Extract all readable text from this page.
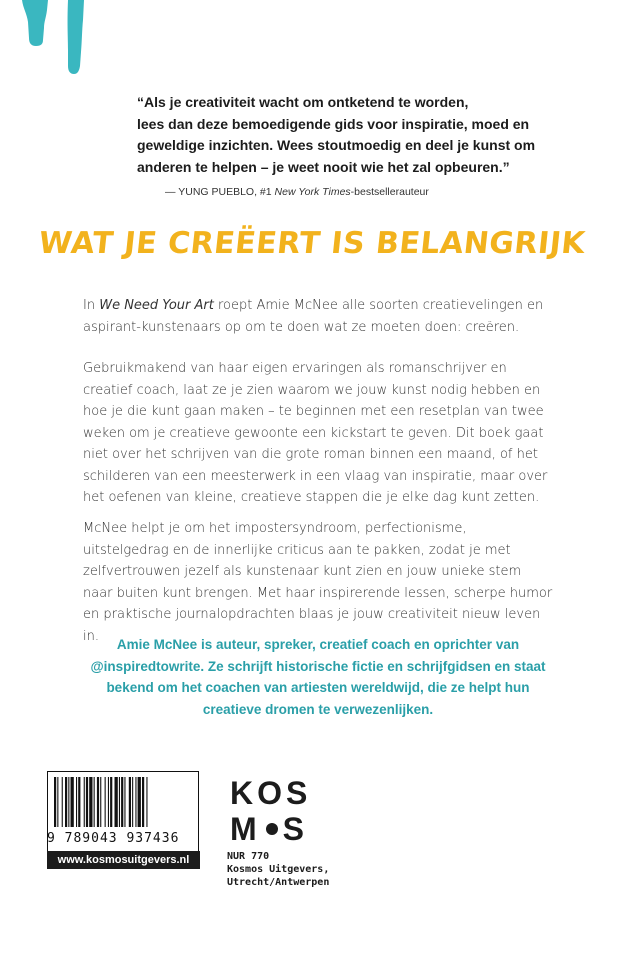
“Als je creativiteit wacht om ontketend te worden,
lees dan deze bemoedigende gids voor inspiratie, moed en
geweldige inzichten. Wees stoutmoedig en deel je kunst om
anderen te helpen – je weet nooit wie het zal opbeuren.”
— YUNG PUEBLO, #1 New York Times-bestsellerauteur
WAT JE CREËERT IS BELANGRIJK
In We Need Your Art roept Amie McNee alle soorten creatievelingen en aspirant-kunstenaars op om te doen wat ze moeten doen: creëren.
Gebruikmakend van haar eigen ervaringen als romanschrijver en creatief coach, laat ze je zien waarom we jouw kunst nodig hebben en hoe je die kunt gaan maken – te beginnen met een resetplan van twee weken om je creatieve gewoonte een kickstart te geven. Dit boek gaat niet over het schrijven van die grote roman binnen een maand, of het schilderen van een meesterwerk in een vlaag van inspiratie, maar over het oefenen van kleine, creatieve stappen die je elke dag kunt zetten.
McNee helpt je om het impostersyndroom, perfectionisme, uitstelgedrag en de innerlijke criticus aan te pakken, zodat je met zelfvertrouwen jezelf als kunstenaar kunt zien en jouw unieke stem naar buiten kunt brengen. Met haar inspirerende lessen, scherpe humor en praktische journalopdrachten blaas je jouw creativiteit nieuw leven in.
Amie McNee is auteur, spreker, creatief coach en oprichter van @inspiredtowrite. Ze schrijft historische fictie en schrijfgidsen en staat bekend om het coachen van artiesten wereldwijd, die ze helpt hun creatieve dromen te verwezenlijken.
9 789043 937436
www.kosmosuitgevers.nl
KOS
M S
NUR 770
Kosmos Uitgevers,
Utrecht/Antwerpen
